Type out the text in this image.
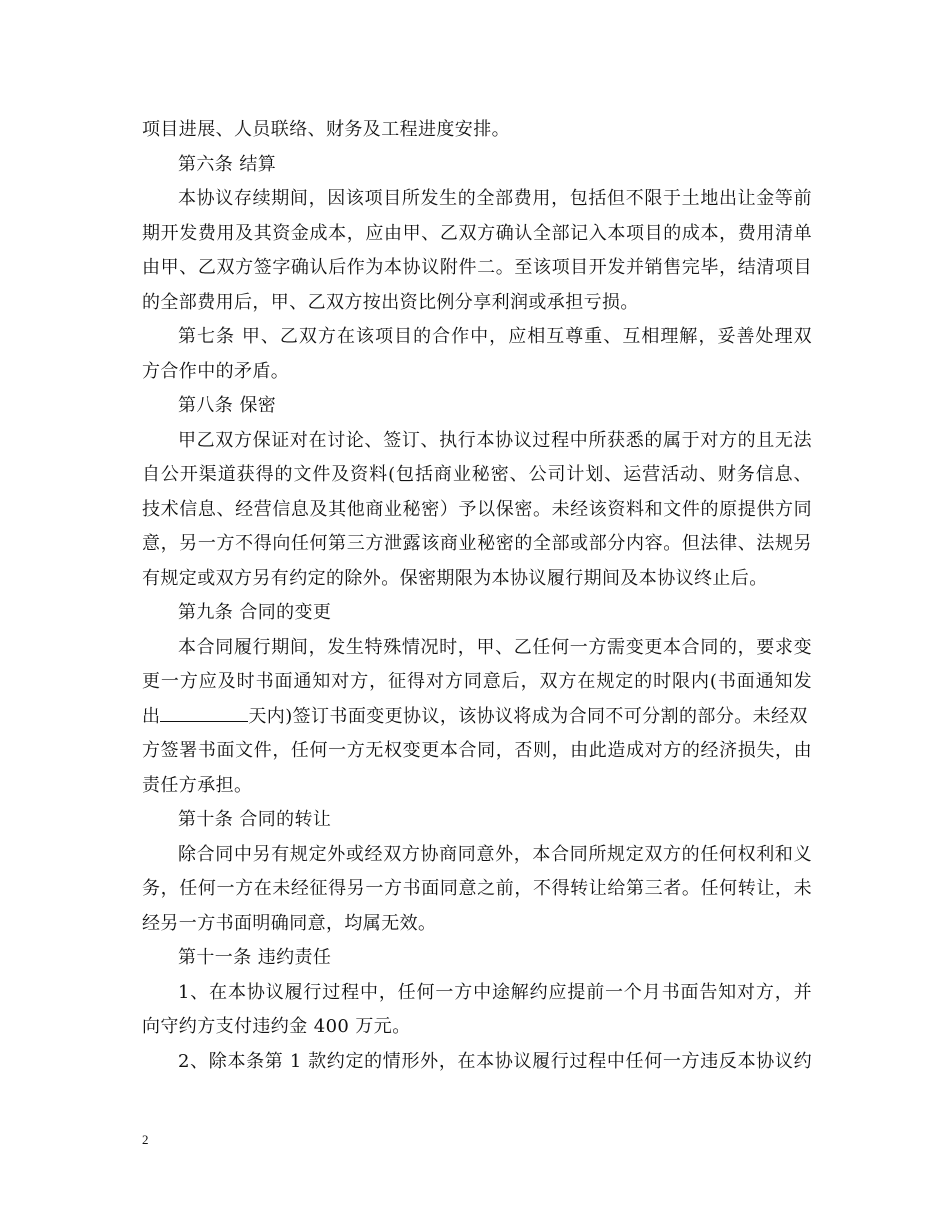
项目进展、人员联络、财务及工程进度安排。
第六条 结算
本协议存续期间，因该项目所发生的全部费用，包括但不限于土地出让金等前
期开发费用及其资金成本，应由甲、乙双方确认全部记入本项目的成本，费用清单
由甲、乙双方签字确认后作为本协议附件二。至该项目开发并销售完毕，结清项目
的全部费用后，甲、乙双方按出资比例分享利润或承担亏损。
第七条 甲、乙双方在该项目的合作中，应相互尊重、互相理解，妥善处理双
方合作中的矛盾。
第八条 保密
甲乙双方保证对在讨论、签订、执行本协议过程中所获悉的属于对方的且无法
自公开渠道获得的文件及资料(包括商业秘密、公司计划、运营活动、财务信息、
技术信息、经营信息及其他商业秘密）予以保密。未经该资料和文件的原提供方同
意，另一方不得向任何第三方泄露该商业秘密的全部或部分内容。但法律、法规另
有规定或双方另有约定的除外。保密期限为本协议履行期间及本协议终止后。
第九条 合同的变更
本合同履行期间，发生特殊情况时，甲、乙任何一方需变更本合同的，要求变
更一方应及时书面通知对方，征得对方同意后，双方在规定的时限内(书面通知发
出	天内)签订书面变更协议，该协议将成为合同不可分割的部分。未经双
方签署书面文件，任何一方无权变更本合同，否则，由此造成对方的经济损失，由
责任方承担。
第十条 合同的转让
除合同中另有规定外或经双方协商同意外，本合同所规定双方的任何权利和义
务，任何一方在未经征得另一方书面同意之前，不得转让给第三者。任何转让，未
经另一方书面明确同意，均属无效。
第十一条 违约责任
1、在本协议履行过程中，任何一方中途解约应提前一个月书面告知对方，并
向守约方支付违约金 400 万元。
2、除本条第 1 款约定的情形外，在本协议履行过程中任何一方违反本协议约
2
